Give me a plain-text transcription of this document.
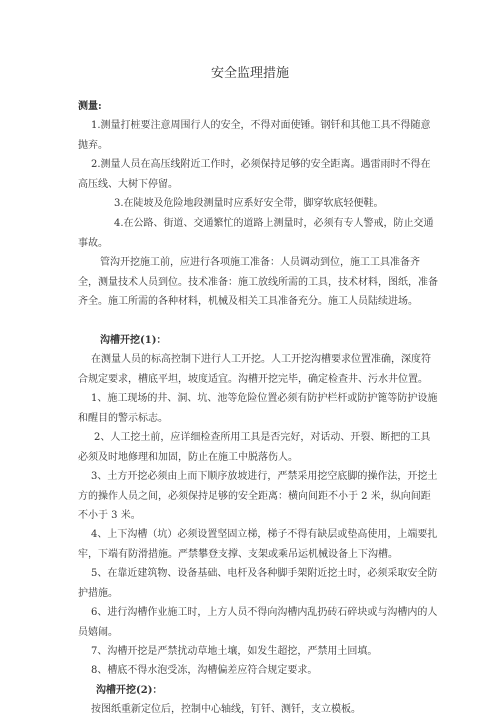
安全监理措施

测量:

1.测量打桩要注意周围行人的安全，不得对面使锤。钢钎和其他工具不得随意抛弃。

2.测量人员在高压线附近工作时，必须保持足够的安全距离。遇雷雨时不得在高压线、大树下停留。

3.在陡坡及危险地段测量时应系好安全带，脚穿软底轻便鞋。

4.在公路、街道、交通繁忙的道路上测量时，必须有专人警戒，防止交通事故。

管沟开挖施工前，应进行各项施工准备：人员调动到位，施工工具准备齐全，测量技术人员到位。技术准备：施工放线所需的工具，技术材料，图纸，准备齐全。施工所需的各种材料，机械及相关工具准备充分。施工人员陆续进场。

沟槽开挖(1)：

在测量人员的标高控制下进行人工开挖。人工开挖沟槽要求位置准确，深度符合规定要求，槽底平坦，坡度适宜。沟槽开挖完毕，确定检查井、污水井位置。

1、施工现场的井、洞、坑、池等危险位置必须有防护栏杆或防护篦等防护设施和醒目的警示标志。

2、人工挖土前，应详细检查所用工具是否完好，对话动、开裂、断把的工具必须及时地修理和加固，防止在施工中脱落伤人。

3、土方开挖必须由上而下顺序放坡进行，严禁采用挖空底脚的操作法，开挖土方的操作人员之间，必须保持足够的安全距离：横向间距不小于 2 米，纵向间距不小于 3 米。

4、上下沟槽（坑）必须设置坚固立梯，梯子不得有缺层或垫高使用，上端要扎牢，下端有防滑措施。严禁攀登支撑、支架或乘吊运机械设备上下沟槽。

5、在靠近建筑物、设备基础、电杆及各种脚手架附近挖土时，必须采取安全防护措施。

6、进行沟槽作业施工时，上方人员不得向沟槽内乱扔砖石碎块或与沟槽内的人员嬉闹。

7、沟槽开挖是严禁扰动草地土壤，如发生超挖，严禁用土回填。

8、槽底不得水泡受冻，沟槽偏差应符合规定要求。

沟槽开挖(2)：

按图纸重新定位后，控制中心轴线，钉钎、测钎，支立模板。
